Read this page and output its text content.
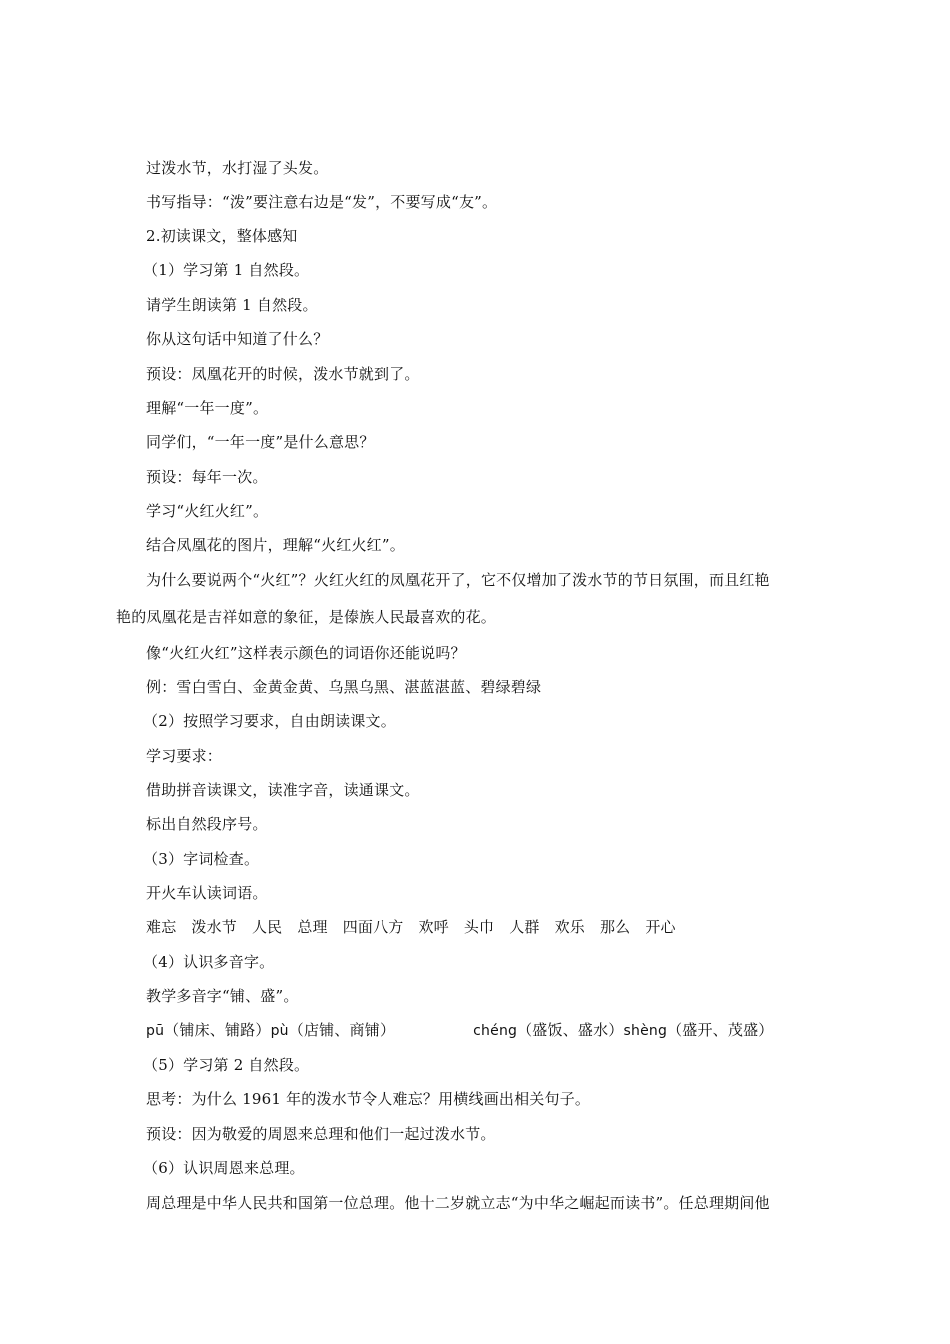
过泼水节，水打湿了头发。
书写指导：“泼”要注意右边是“发”，不要写成“友”。
2.初读课文，整体感知
（1）学习第 1 自然段。
请学生朗读第 1 自然段。
你从这句话中知道了什么？
预设：凤凰花开的时候，泼水节就到了。
理解“一年一度”。
同学们，“一年一度”是什么意思？
预设：每年一次。
学习“火红火红”。
结合凤凰花的图片，理解“火红火红”。
为什么要说两个“火红”？火红火红的凤凰花开了，它不仅增加了泼水节的节日氛围，而且红艳
艳的凤凰花是吉祥如意的象征，是傣族人民最喜欢的花。
像“火红火红”这样表示颜色的词语你还能说吗？
例：雪白雪白、金黄金黄、乌黑乌黑、湛蓝湛蓝、碧绿碧绿
（2）按照学习要求，自由朗读课文。
学习要求：
借助拼音读课文，读准字音，读通课文。
标出自然段序号。
（3）字词检查。
开火车认读词语。
难忘 泼水节 人民 总理 四面八方 欢呼 头巾 人群 欢乐 那么 开心
（4）认识多音字。
教学多音字“铺、盛”。
pū（铺床、铺路）pù（店铺、商铺）	chéng（盛饭、盛水）shèng（盛开、茂盛）
（5）学习第 2 自然段。
思考：为什么 1961 年的泼水节令人难忘？用横线画出相关句子。
预设：因为敬爱的周恩来总理和他们一起过泼水节。
（6）认识周恩来总理。
周总理是中华人民共和国第一位总理。他十二岁就立志“为中华之崛起而读书”。任总理期间他
